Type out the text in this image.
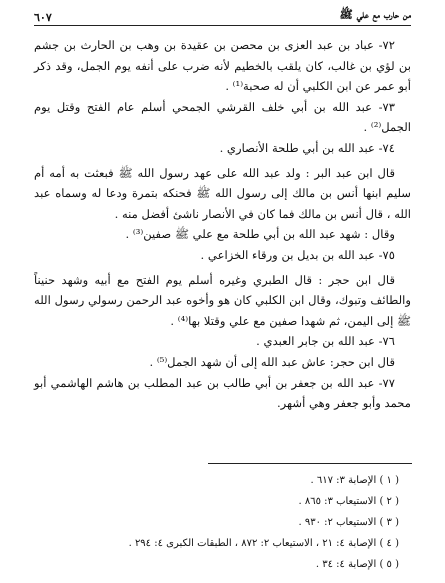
من حارب مع علي ﷺ
٦٠٧

٧٢- عباد بن عبد العزى بن محصن بن عقيدة بن وهب بن الحارث بن جشم بن لؤي بن غالب، كان يلقب بالخطيم لأنه ضرب على أنفه يوم الجمل، وقد ذكر أبو عمر عن ابن الكلبي أن له صحبة⁽¹⁾ .

٧٣- عبد الله بن أبي خلف القرشي الجمحي أسلم عام الفتح وقتل يوم الجمل⁽²⁾ .

٧٤- عبد الله بن أبي طلحة الأنصاري .

قال ابن عبد البر : ولد عبد الله على عهد رسول الله ﷺ فبعثت به أمه أم سليم ابنها أنس بن مالك إلى رسول الله ﷺ فحنكه بتمرة ودعا له وسماه عبد الله ، قال أنس بن مالك فما كان في الأنصار ناشئ أفضل منه .

وقال : شهد عبد الله بن أبي طلحة مع علي ﷺ صفين⁽³⁾ .

٧٥- عبد الله بن بديل بن ورقاء الخزاعي .

قال ابن حجر : قال الطبري وغيره أسلم يوم الفتح مع أبيه وشهد حنيناً والطائف وتبوك، وقال ابن الكلبي كان هو وأخوه عبد الرحمن رسولي رسول الله ﷺ إلى اليمن، ثم شهدا صفين مع علي وقتلا بها⁽⁴⁾ .

٧٦- عبد الله بن جابر العبدي .

قال ابن حجر: عاش عبد الله إلى أن شهد الجمل⁽⁵⁾ .

٧٧- عبد الله بن جعفر بن أبي طالب بن عبد المطلب بن هاشم الهاشمي أبو محمد وأبو جعفر وهي أشهر.

( ١ ) الإصابة ٣: ٦١٧ .
( ٢ ) الاستيعاب ٣: ٨٦٥ .
( ٣ ) الاستيعاب ٢: ٩٣٠ .
( ٤ ) الإصابة ٤: ٢١ ، الاستيعاب ٢: ٨٧٢ ، الطبقات الكبرى ٤: ٢٩٤ .
( ٥ ) الإصابة ٤: ٣٤ .
